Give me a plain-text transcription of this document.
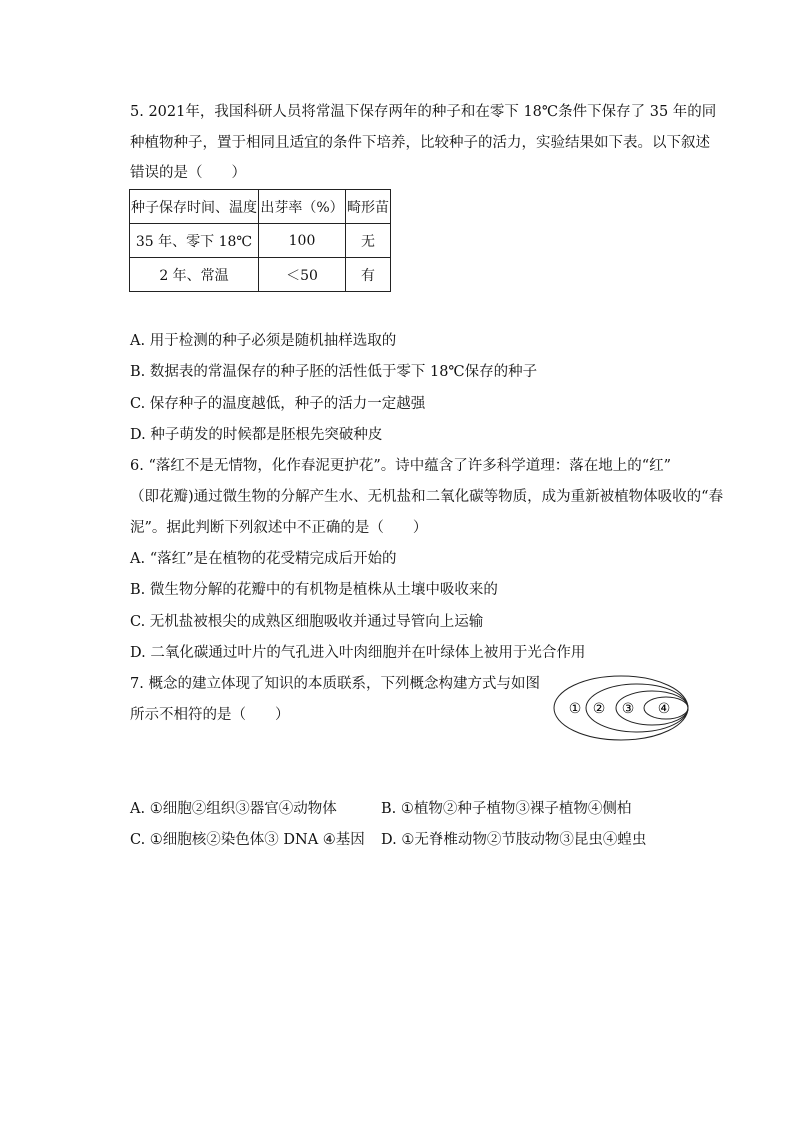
5. 2021年，我国科研人员将常温下保存两年的种子和在零下 18℃条件下保存了 35 年的同
种植物种子，置于相同且适宜的条件下培养，比较种子的活力，实验结果如下表。以下叙述
错误的是（　　）
种子保存时间、温度	出芽率（%）	畸形苗
35 年、零下 18℃	100	无
2 年、常温	＜50	有
A. 用于检测的种子必须是随机抽样选取的
B. 数据表的常温保存的种子胚的活性低于零下 18℃保存的种子
C. 保存种子的温度越低，种子的活力一定越强
D. 种子萌发的时候都是胚根先突破种皮
6. “落红不是无情物，化作春泥更护花”。诗中蕴含了许多科学道理：落在地上的“红”
（即花瓣)通过微生物的分解产生水、无机盐和二氧化碳等物质，成为重新被植物体吸收的“春
泥”。据此判断下列叙述中不正确的是（　　）
A. “落红”是在植物的花受精完成后开始的
B. 微生物分解的花瓣中的有机物是植株从土壤中吸收来的
C. 无机盐被根尖的成熟区细胞吸收并通过导管向上运输
D. 二氧化碳通过叶片的气孔进入叶肉细胞并在叶绿体上被用于光合作用
7. 概念的建立体现了知识的本质联系，下列概念构建方式与如图
所示不相符的是（　　）	① ② ③ ④
A. ①细胞②组织③器官④动物体	B. ①植物②种子植物③裸子植物④侧柏
C. ①细胞核②染色体③ DNA ④基因 D. ①无脊椎动物②节肢动物③昆虫④蝗虫
